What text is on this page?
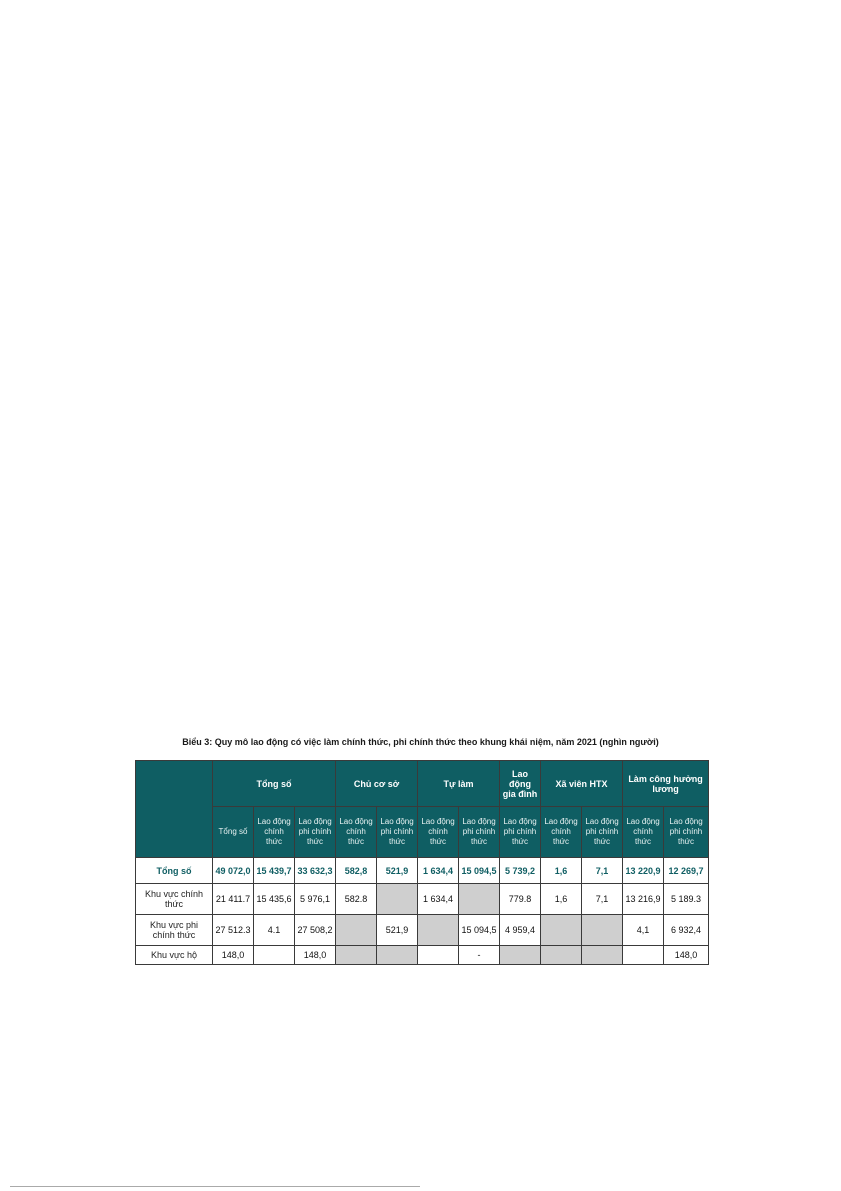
Biểu 3: Quy mô lao động có việc làm chính thức, phi chính thức theo khung khái niệm, năm 2021 (nghìn người)
	Tổng số			Chủ cơ sở		Tự làm		Lao động gia đình	Xã viên HTX		Làm công hưởng lương	
	Tổng số	Lao động chính thức	Lao động phi chính thức	Lao động chính thức	Lao động phi chính thức	Lao động chính thức	Lao động phi chính thức	Lao động phi chính thức	Lao động chính thức	Lao động phi chính thức	Lao động chính thức	Lao động phi chính thức
Tổng số	49 072,0	15 439,7	33 632,3	582,8	521,9	1 634,4	15 094,5	5 739,2	1,6	7,1	13 220,9	12 269,7
Khu vực chính thức	21 411.7	15 435,6	5 976,1	582.8		1 634,4		779.8	1,6	7,1	13 216,9	5 189.3
Khu vực phi chính thức	27 512.3	4.1	27 508,2		521,9		15 094,5	4 959,4			4,1	6 932,4
Khu vực hộ	148,0		148,0				-					148,0
